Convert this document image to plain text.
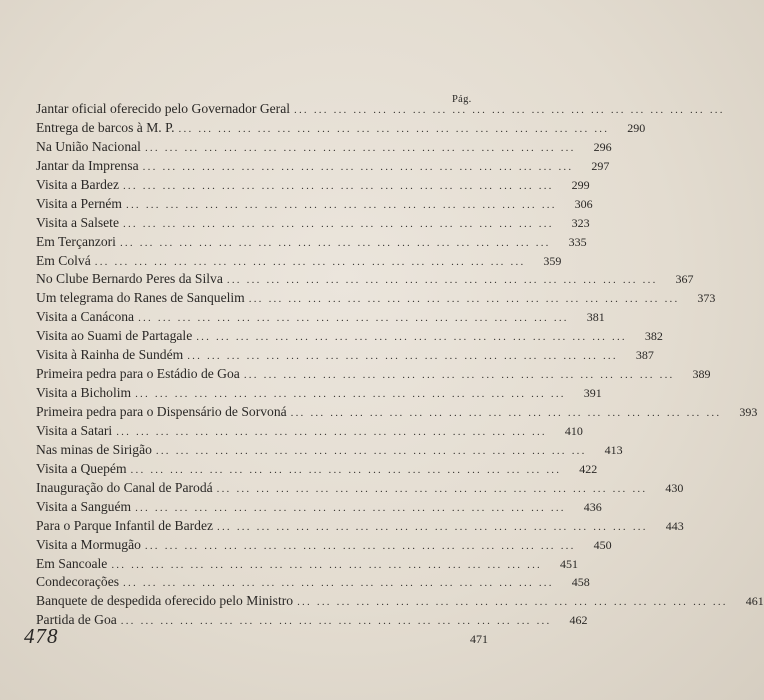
Pág.
Jantar oficial oferecido pelo Governador Geral ... ... ... ... ... ... ... ... ... ... ... ... ... ... ... ... ... ... ... ... ... ...
Entrega de barcos à M. P. ... ... ... ... ... ... ... ... ... ... ... ... ... ... ... ... ... ... ... ... ... ...	290
Na União Nacional ... ... ... ... ... ... ... ... ... ... ... ... ... ... ... ... ... ... ... ... ... ...	296
Jantar da Imprensa ... ... ... ... ... ... ... ... ... ... ... ... ... ... ... ... ... ... ... ... ... ...	297
Visita a Bardez ... ... ... ... ... ... ... ... ... ... ... ... ... ... ... ... ... ... ... ... ... ...	299
Visita a Perném ... ... ... ... ... ... ... ... ... ... ... ... ... ... ... ... ... ... ... ... ... ...	306
Visita a Salsete ... ... ... ... ... ... ... ... ... ... ... ... ... ... ... ... ... ... ... ... ... ...	323
Em Terçanzori ... ... ... ... ... ... ... ... ... ... ... ... ... ... ... ... ... ... ... ... ... ...	335
Em Colvá ... ... ... ... ... ... ... ... ... ... ... ... ... ... ... ... ... ... ... ... ... ...	359
No Clube Bernardo Peres da Silva ... ... ... ... ... ... ... ... ... ... ... ... ... ... ... ... ... ... ... ... ... ...	367
Um telegrama do Ranes de Sanquelim ... ... ... ... ... ... ... ... ... ... ... ... ... ... ... ... ... ... ... ... ... ...	373
Visita a Canácona ... ... ... ... ... ... ... ... ... ... ... ... ... ... ... ... ... ... ... ... ... ...	381
Visita ao Suami de Partagale ... ... ... ... ... ... ... ... ... ... ... ... ... ... ... ... ... ... ... ... ... ...	382
Visita à Rainha de Sundém ... ... ... ... ... ... ... ... ... ... ... ... ... ... ... ... ... ... ... ... ... ...	387
Primeira pedra para o Estádio de Goa ... ... ... ... ... ... ... ... ... ... ... ... ... ... ... ... ... ... ... ... ... ...	389
Visita a Bicholim ... ... ... ... ... ... ... ... ... ... ... ... ... ... ... ... ... ... ... ... ... ...	391
Primeira pedra para o Dispensário de Sorvoná ... ... ... ... ... ... ... ... ... ... ... ... ... ... ... ... ... ... ... ... ... ...	393
Visita a Satari ... ... ... ... ... ... ... ... ... ... ... ... ... ... ... ... ... ... ... ... ... ...	410
Nas minas de Sirigão ... ... ... ... ... ... ... ... ... ... ... ... ... ... ... ... ... ... ... ... ... ...	413
Visita a Quepém ... ... ... ... ... ... ... ... ... ... ... ... ... ... ... ... ... ... ... ... ... ...	422
Inauguração do Canal de Parodá ... ... ... ... ... ... ... ... ... ... ... ... ... ... ... ... ... ... ... ... ... ...	430
Visita a Sanguém ... ... ... ... ... ... ... ... ... ... ... ... ... ... ... ... ... ... ... ... ... ...	436
Para o Parque Infantil de Bardez ... ... ... ... ... ... ... ... ... ... ... ... ... ... ... ... ... ... ... ... ... ...	443
Visita a Mormugão ... ... ... ... ... ... ... ... ... ... ... ... ... ... ... ... ... ... ... ... ... ...	450
Em Sancoale ... ... ... ... ... ... ... ... ... ... ... ... ... ... ... ... ... ... ... ... ... ...	451
Condecorações ... ... ... ... ... ... ... ... ... ... ... ... ... ... ... ... ... ... ... ... ... ...	458
Banquete de despedida oferecido pelo Ministro ... ... ... ... ... ... ... ... ... ... ... ... ... ... ... ... ... ... ... ... ... ...	461
Partida de Goa ... ... ... ... ... ... ... ... ... ... ... ... ... ... ... ... ... ... ... ... ... ...	462
471
478
